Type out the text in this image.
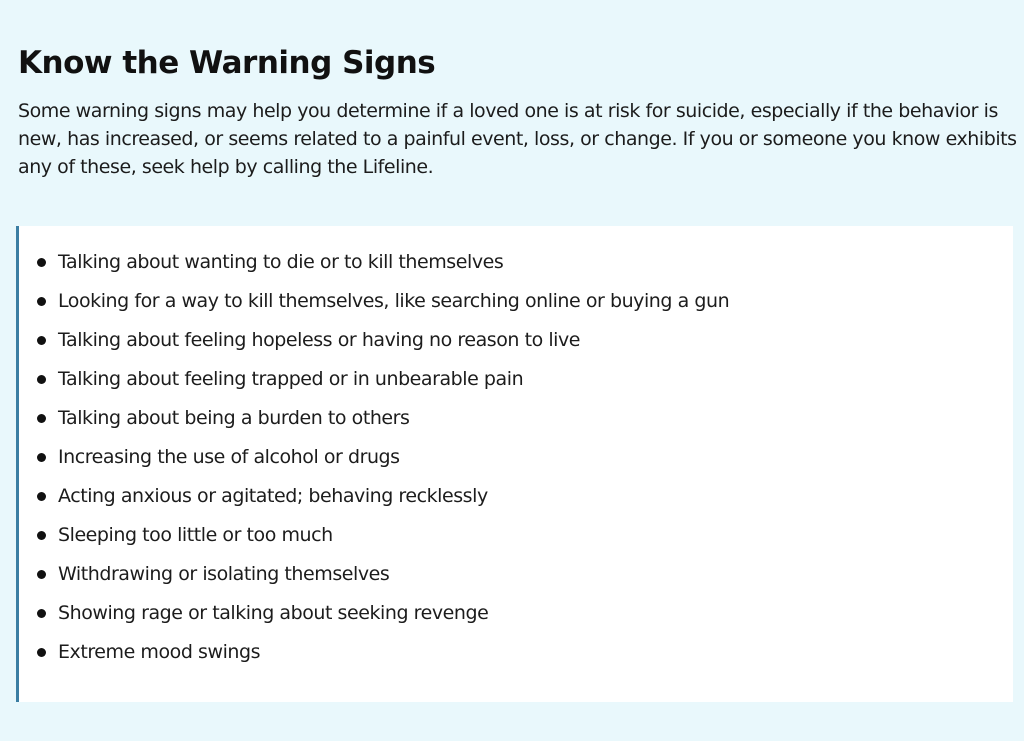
Know the Warning Signs

Some warning signs may help you determine if a loved one is at risk for suicide, especially if the behavior is new, has increased, or seems related to a painful event, loss, or change. If you or someone you know exhibits any of these, seek help by calling the Lifeline.

Talking about wanting to die or to kill themselves
Looking for a way to kill themselves, like searching online or buying a gun
Talking about feeling hopeless or having no reason to live
Talking about feeling trapped or in unbearable pain
Talking about being a burden to others
Increasing the use of alcohol or drugs
Acting anxious or agitated; behaving recklessly
Sleeping too little or too much
Withdrawing or isolating themselves
Showing rage or talking about seeking revenge
Extreme mood swings
